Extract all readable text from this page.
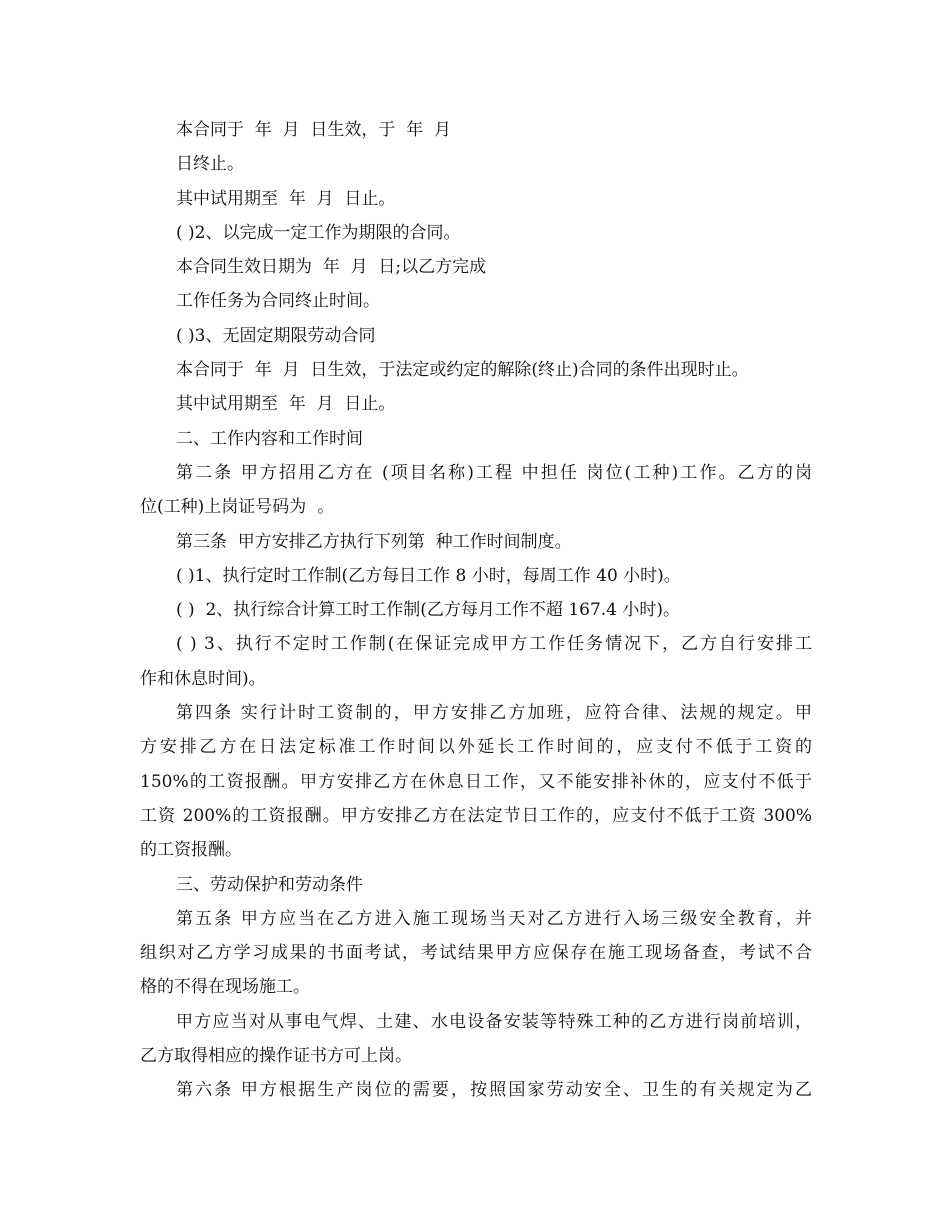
本合同于  年  月  日生效，于  年  月
日终止。
其中试用期至  年  月  日止。
( )2、以完成一定工作为期限的合同。
本合同生效日期为  年  月  日;以乙方完成
工作任务为合同终止时间。
( )3、无固定期限劳动合同
本合同于  年  月  日生效，于法定或约定的解除(终止)合同的条件出现时止。
其中试用期至  年  月  日止。
二、工作内容和工作时间
第二条 甲方招用乙方在 (项目名称)工程 中担任 岗位(工种)工作。乙方的岗
位(工种)上岗证号码为  。
第三条  甲方安排乙方执行下列第  种工作时间制度。
( )1、执行定时工作制(乙方每日工作 8 小时，每周工作 40 小时)。
( )  2、执行综合计算工时工作制(乙方每月工作不超 167.4 小时)。
( ) 3、执行不定时工作制(在保证完成甲方工作任务情况下，乙方自行安排工
作和休息时间)。
第四条 实行计时工资制的，甲方安排乙方加班，应符合律、法规的规定。甲
方安排乙方在日法定标准工作时间以外延长工作时间的，应支付不低于工资的
150%的工资报酬。甲方安排乙方在休息日工作，又不能安排补休的，应支付不低于
工资 200%的工资报酬。甲方安排乙方在法定节日工作的，应支付不低于工资 300%
的工资报酬。
三、劳动保护和劳动条件
第五条 甲方应当在乙方进入施工现场当天对乙方进行入场三级安全教育，并
组织对乙方学习成果的书面考试，考试结果甲方应保存在施工现场备查，考试不合
格的不得在现场施工。
甲方应当对从事电气焊、土建、水电设备安装等特殊工种的乙方进行岗前培训，
乙方取得相应的操作证书方可上岗。
第六条 甲方根据生产岗位的需要，按照国家劳动安全、卫生的有关规定为乙
